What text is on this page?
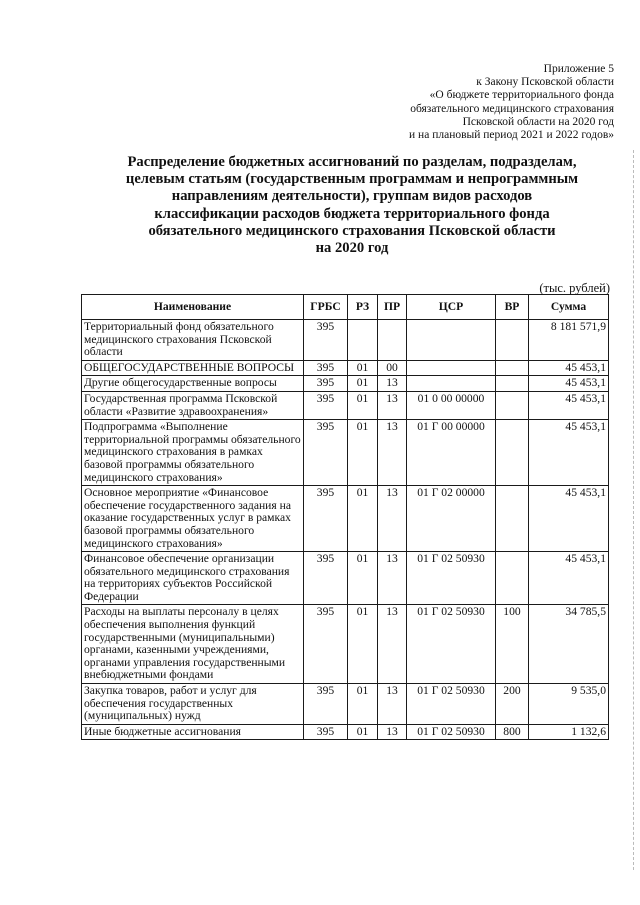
Приложение 5
к Закону Псковской области
«О бюджете территориального фонда
обязательного медицинского страхования
Псковской области на 2020 год
и на плановый период 2021 и 2022 годов»
Распределение бюджетных ассигнований по разделам, подразделам,
целевым статьям (государственным программам и непрограммным
направлениям деятельности), группам видов расходов
классификации расходов бюджета территориального фонда
обязательного медицинского страхования Псковской области
на 2020 год
(тыс. рублей)
Наименование	ГРБС	РЗ	ПР	ЦСР	ВР	Сумма
Территориальный фонд обязательного медицинского страхования Псковской области	395					8 181 571,9
ОБЩЕГОСУДАРСТВЕННЫЕ ВОПРОСЫ	395	01	00			45 453,1
Другие общегосударственные вопросы	395	01	13			45 453,1
Государственная программа Псковской области «Развитие здравоохранения»	395	01	13	01 0 00 00000		45 453,1
Подпрограмма «Выполнение территориальной программы обязательного медицинского страхования в рамках базовой программы обязательного медицинского страхования»	395	01	13	01 Г 00 00000		45 453,1
Основное мероприятие «Финансовое обеспечение государственного задания на оказание государственных услуг в рамках базовой программы обязательного медицинского страхования»	395	01	13	01 Г 02 00000		45 453,1
Финансовое обеспечение организации обязательного медицинского страхования на территориях субъектов Российской Федерации	395	01	13	01 Г 02 50930		45 453,1
Расходы на выплаты персоналу в целях обеспечения выполнения функций государственными (муниципальными) органами, казенными учреждениями, органами управления государственными внебюджетными фондами	395	01	13	01 Г 02 50930	100	34 785,5
Закупка товаров, работ и услуг для обеспечения государственных (муниципальных) нужд	395	01	13	01 Г 02 50930	200	9 535,0
Иные бюджетные ассигнования	395	01	13	01 Г 02 50930	800	1 132,6
